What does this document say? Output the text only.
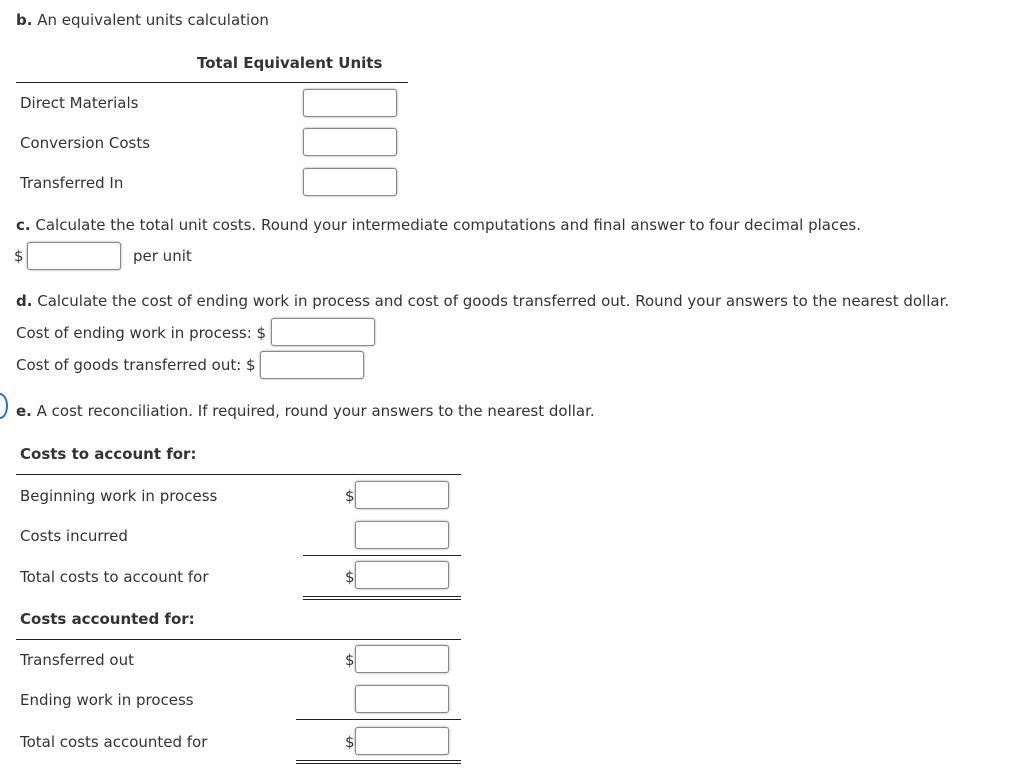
b. An equivalent units calculation
Total Equivalent Units
Direct Materials
Conversion Costs
Transferred In
c. Calculate the total unit costs. Round your intermediate computations and final answer to four decimal places.
$	per unit
d. Calculate the cost of ending work in process and cost of goods transferred out. Round your answers to the nearest dollar.
Cost of ending work in process: $
Cost of goods transferred out: $
e. A cost reconciliation. If required, round your answers to the nearest dollar.
Costs to account for:
Beginning work in process	$
Costs incurred
Total costs to account for	$
Costs accounted for:
Transferred out	$
Ending work in process
Total costs accounted for	$
